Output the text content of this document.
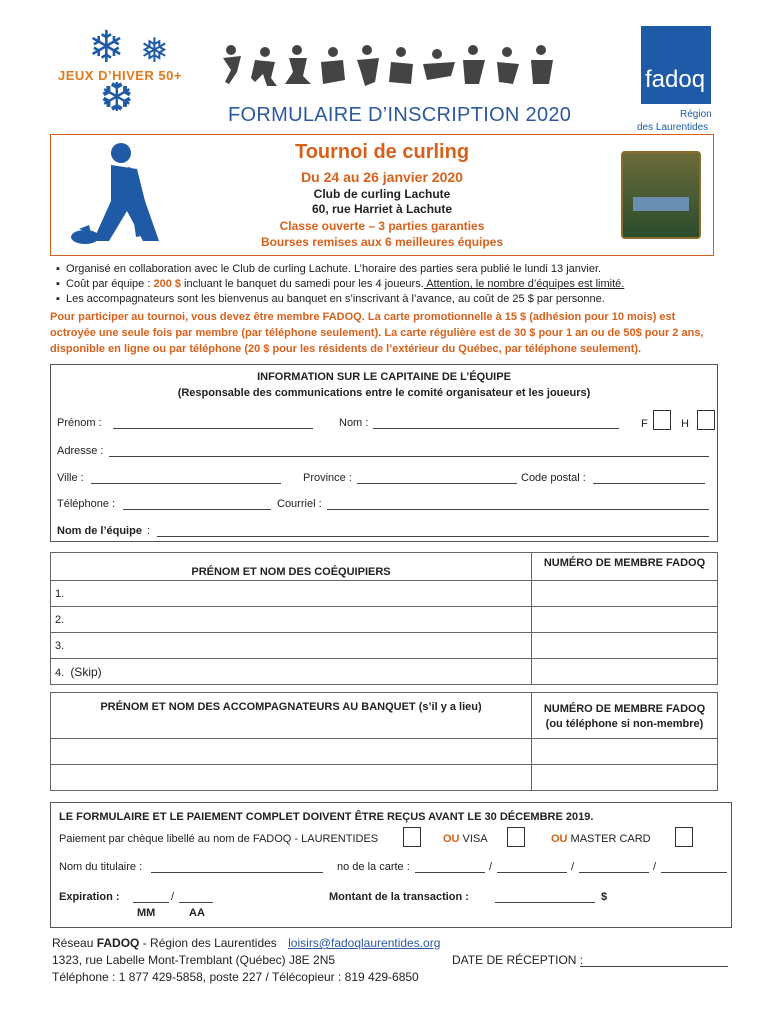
❄ ❅
❆
JEUX D’HIVER 50+
FORMULAIRE D’INSCRIPTION 2020
fadoq
Région
des Laurentides
Tournoi de curling
Du 24 au 26 janvier 2020
Club de curling Lachute
60, rue Harriet à Lachute
Classe ouverte – 3 parties garanties
Bourses remises aux 6 meilleures équipes
▪  Organisé en collaboration avec le Club de curling Lachute. L’horaire des parties sera publié le lundi 13 janvier.
▪  Coût par équipe : 200 $ incluant le banquet du samedi pour les 4 joueurs. Attention, le nombre d’équipes est limité.
▪  Les accompagnateurs sont les bienvenus au banquet en s’inscrivant à l’avance, au coût de 25 $ par personne.
Pour participer au tournoi, vous devez être membre FADOQ. La carte promotionnelle à 15 $ (adhésion pour 10 mois) est octroyée une seule fois par membre (par téléphone seulement). La carte régulière est de 30 $ pour 1 an ou de 50$ pour 2 ans, disponible en ligne ou par téléphone (20 $ pour les résidents de l’extérieur du Québec, par téléphone seulement).
INFORMATION SUR LE CAPITAINE DE L’ÉQUIPE
(Responsable des communications entre le comité organisateur et les joueurs)
Prénom :	Nom :	F	H
Adresse :
Ville :	Province :	Code postal :
Téléphone :	Courriel :
Nom de l’équipe :
PRÉNOM ET NOM DES COÉQUIPIERS	NUMÉRO DE MEMBRE FADOQ
1.	
2.	
3.	
4. (Skip)	
PRÉNOM ET NOM DES ACCOMPAGNATEURS AU BANQUET (s’il y a lieu)	NUMÉRO DE MEMBRE FADOQ
(ou téléphone si non-membre)

LE FORMULAIRE ET LE PAIEMENT COMPLET DOIVENT ÊTRE REÇUS AVANT LE 30 DÉCEMBRE 2019.
Paiement par chèque libellé au nom de FADOQ - LAURENTIDES	OU VISA	OU MASTER CARD
Nom du titulaire :	no de la carte :	/	/	/
Expiration :	/
MM	AA
Montant de la transaction :	$
Réseau FADOQ - Région des Laurentides loisirs@fadoqlaurentides.org
1323, rue Labelle Mont-Tremblant (Québec) J8E 2N5	DATE DE RÉCEPTION :
Téléphone : 1 877 429-5858, poste 227 / Télécopieur : 819 429-6850
